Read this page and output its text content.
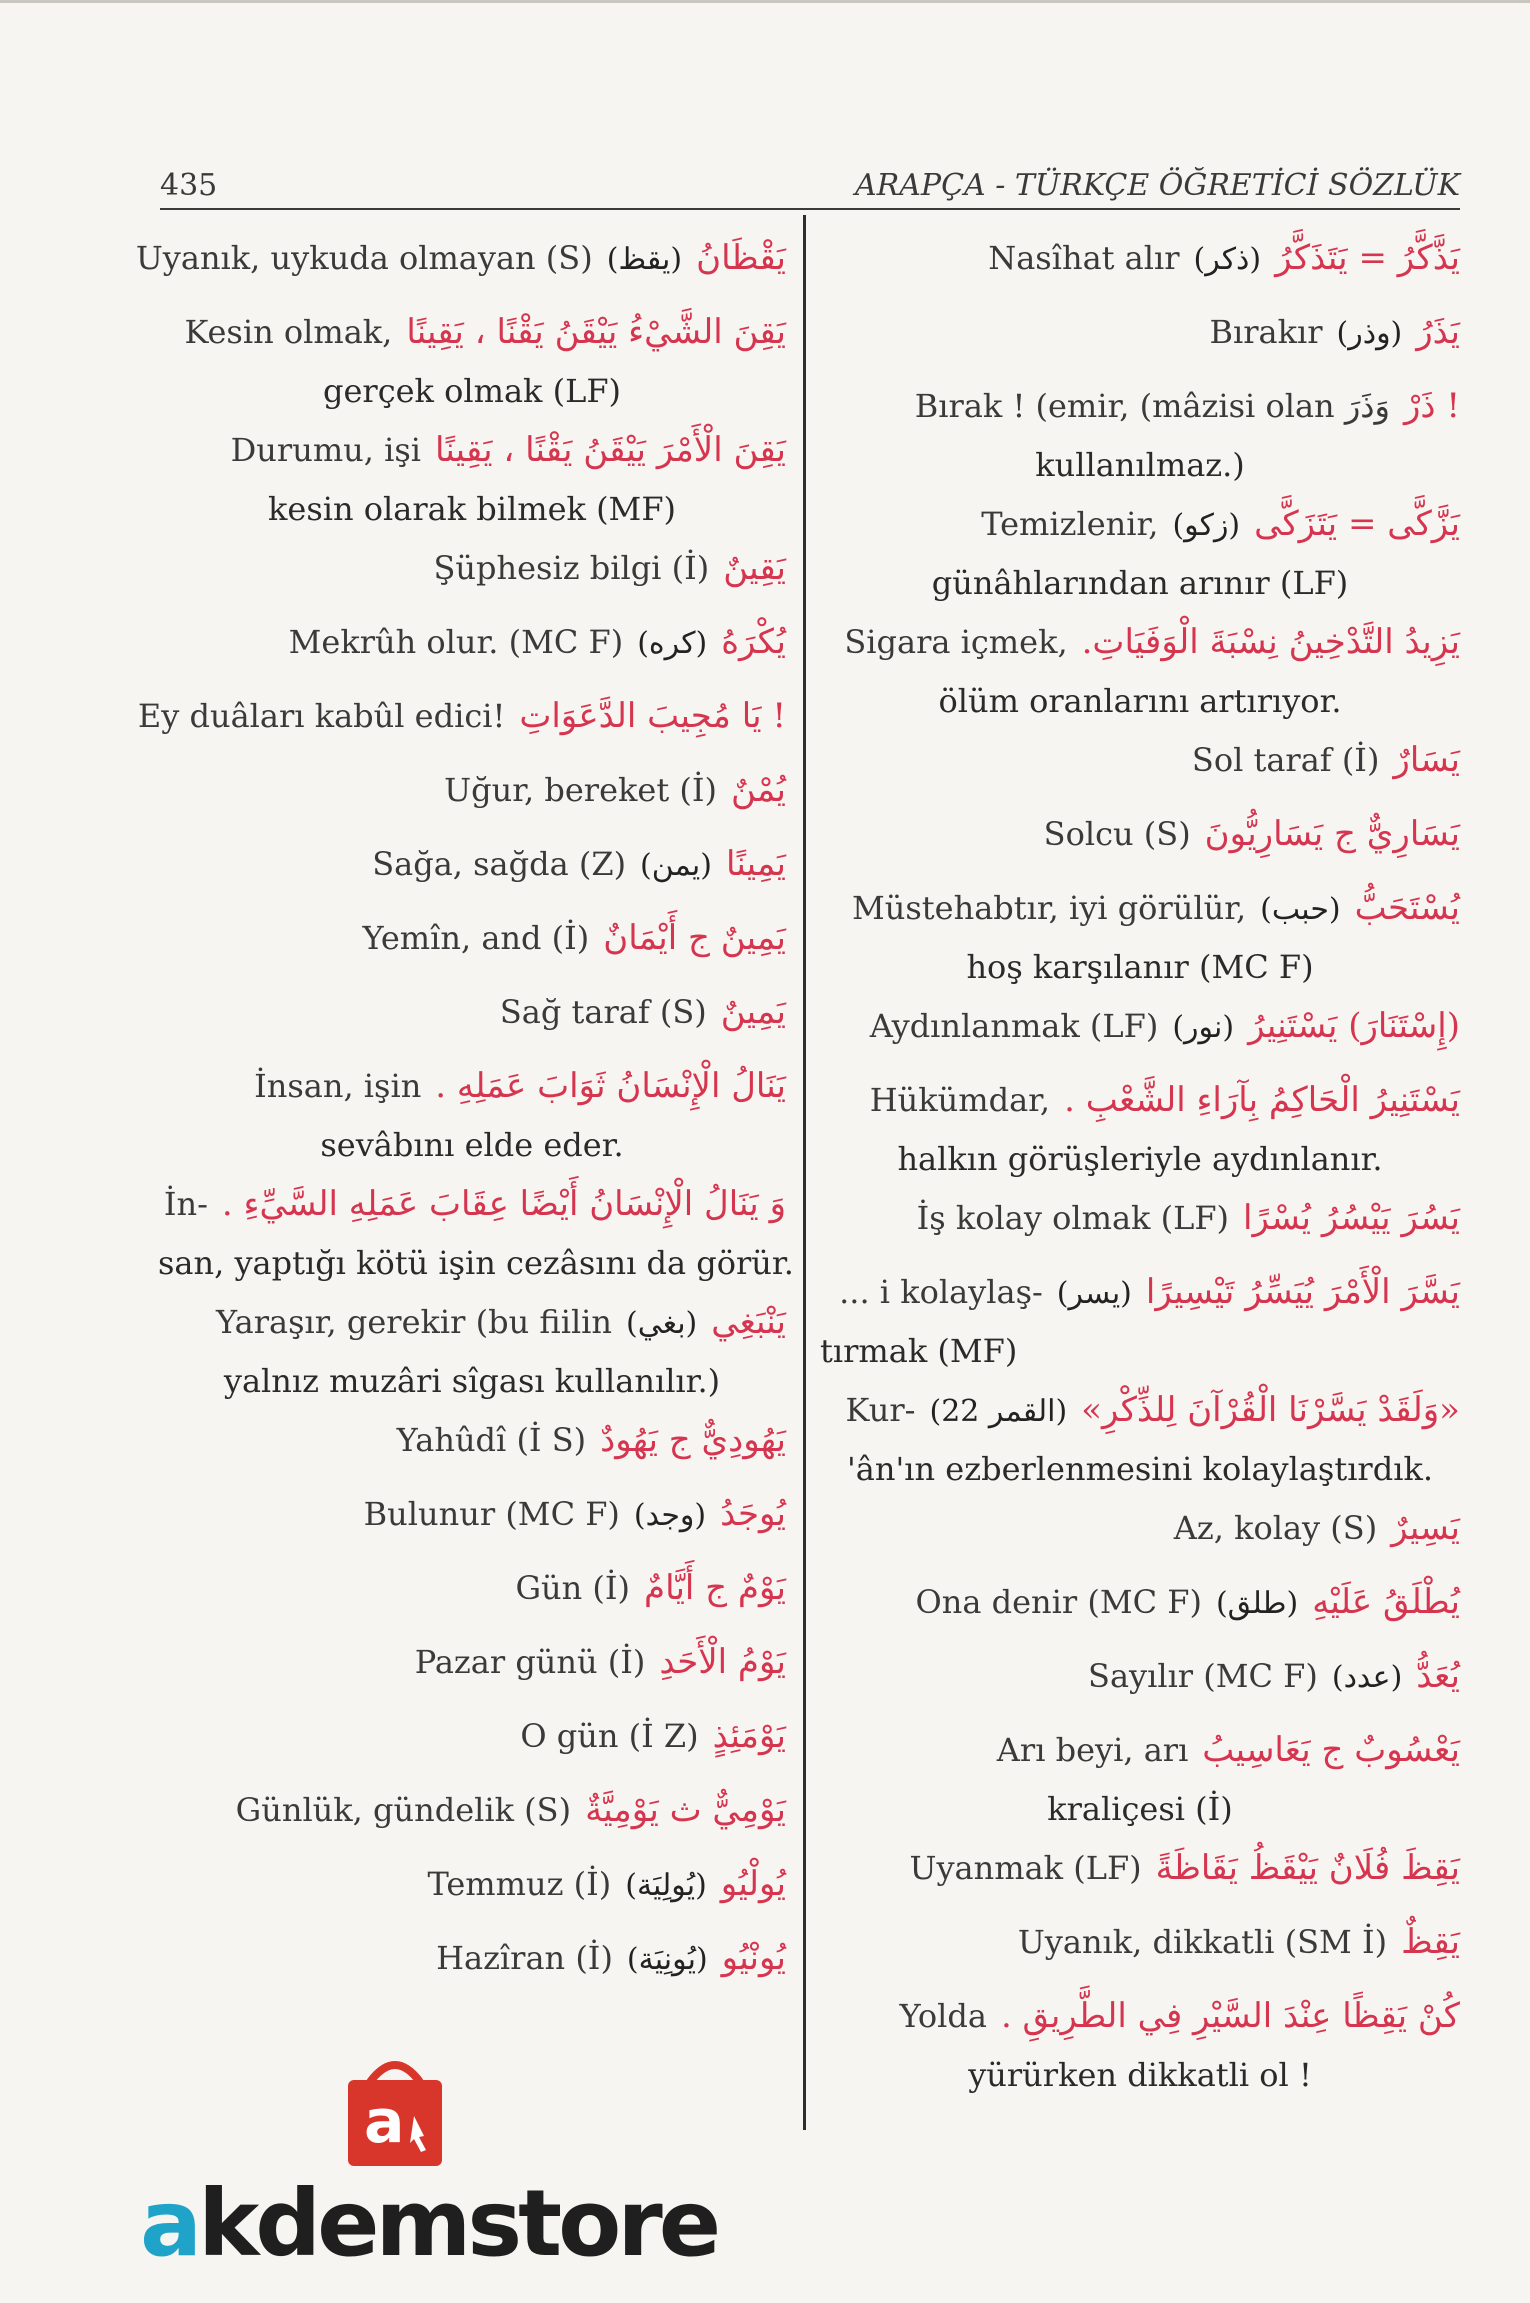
435	ARAPÇA - TÜRKÇE ÖĞRETİCİ SÖZLÜK
Uyanık, uykuda olmayan (S) (يقظ) يَقْظَانُ
Kesin olmak, يَقِنَ الشَّيْءُ يَيْقَنُ يَقْنًا ، يَقِينًا
gerçek olmak (LF)
Durumu, işi يَقِنَ الْأَمْرَ يَيْقَنُ يَقْنًا ، يَقِينًا
kesin olarak bilmek (MF)
Şüphesiz bilgi (İ) يَقِينٌ
Mekrûh olur. (MC F) (كره) يُكْرَهُ
Ey duâları kabûl edici! ! يَا مُجِيبَ الدَّعَوَاتِ
Uğur, bereket (İ) يُمْنٌ
Sağa, sağda (Z) (يمن) يَمِينًا
Yemîn, and (İ) يَمِينٌ ج أَيْمَانٌ
Sağ taraf (S) يَمِينٌ
İnsan, işin يَنَالُ الْإِنْسَانُ ثَوَابَ عَمَلِهِ .
sevâbını elde eder.
İn- وَ يَنَالُ الْإِنْسَانُ أَيْضًا عِقَابَ عَمَلِهِ السَّيِّءِ .
san, yaptığı kötü işin cezâsını da görür.
Yaraşır, gerekir (bu fiilin (بغي) يَنْبَغِي
yalnız muzâri sîgası kullanılır.)
Yahûdî (İ S) يَهُودِيٌّ ج يَهُودٌ
Bulunur (MC F) (وجد) يُوجَدُ
Gün (İ) يَوْمٌ ج أَيَّامٌ
Pazar günü (İ) يَوْمُ الْأَحَدِ
O gün (İ Z) يَوْمَئِذٍ
Günlük, gündelik (S) يَوْمِيٌّ ث يَوْمِيَّةٌ
Temmuz (İ) (يُولِيَة) يُولْيُو
Hazîran (İ) (يُونِيَة) يُونْيُو
Nasîhat alır (ذكر) يَذَّكَّرُ = يَتَذَكَّرُ
Bırakır (وذر) يَذَرُ
Bırak ! (emir, (mâzisi olan وَذَرَ ! ذَرْ
kullanılmaz.)
Temizlenir, (زكو) يَزَّكَّى = يَتَزَكَّى
günâhlarından arınır (LF)
Sigara içmek, يَزِيدُ التَّدْخِينُ نِسْبَةَ الْوَفَيَاتِ.
ölüm oranlarını artırıyor.
Sol taraf (İ) يَسَارٌ
Solcu (S) يَسَارِيٌّ ج يَسَارِيُّونَ
Müstehabtır, iyi görülür, (حبب) يُسْتَحَبُّ
hoş karşılanır (MC F)
Aydınlanmak (LF) (نور) (إِسْتَنَارَ) يَسْتَنِيرُ
Hükümdar, يَسْتَنِيرُ الْحَاكِمُ بِآرَاءِ الشَّعْبِ .
halkın görüşleriyle aydınlanır.
İş kolay olmak (LF) يَسُرَ يَيْسُرُ يُسْرًا
... i kolaylaş- (يسر) يَسَّرَ الْأَمْرَ يُيَسِّرُ تَيْسِيرًا
tırmak (MF)
Kur- (القمر 22) «وَلَقَدْ يَسَّرْنَا الْقُرْآنَ لِلذِّكْرِ»
'ân'ın ezberlenmesini kolaylaştırdık.
Az, kolay (S) يَسِيرٌ
Ona denir (MC F) (طلق) يُطْلَقُ عَلَيْهِ
Sayılır (MC F) (عدد) يُعَدُّ
Arı beyi, arı يَعْسُوبٌ ج يَعَاسِيبُ
kraliçesi (İ)
Uyanmak (LF) يَقِظَ فُلَانٌ يَيْقَظُ يَقَاظَةً
Uyanık, dikkatli (SM İ) يَقِظٌ
Yolda كُنْ يَقِظًا عِنْدَ السَّيْرِ فِي الطَّرِيقِ .
yürürken dikkatli ol !
a
akdemstore
